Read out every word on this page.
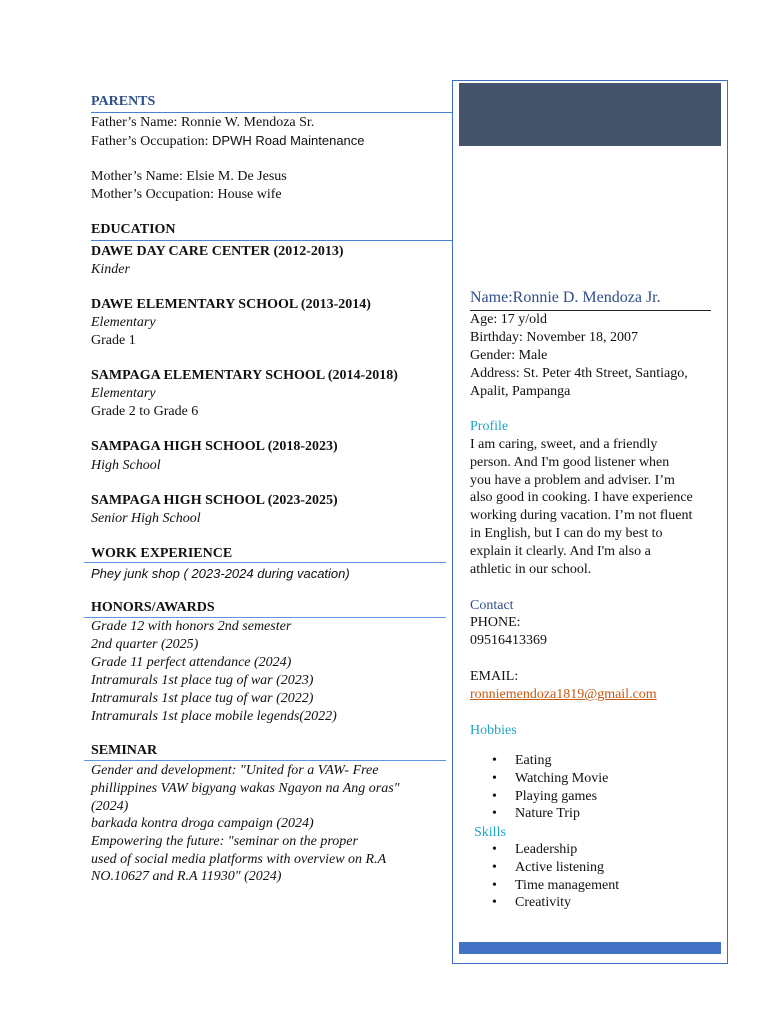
PARENTS
Father’s Name: Ronnie W. Mendoza Sr.
Father’s Occupation: DPWH Road Maintenance
Mother’s Name: Elsie M. De Jesus
Mother’s Occupation: House wife
EDUCATION
DAWE DAY CARE CENTER (2012-2013)
Kinder
DAWE ELEMENTARY SCHOOL (2013-2014)
Elementary
Grade 1
SAMPAGA ELEMENTARY SCHOOL (2014-2018)
Elementary
Grade 2 to Grade 6
SAMPAGA HIGH SCHOOL (2018-2023)
High School
SAMPAGA HIGH SCHOOL (2023-2025)
Senior High School
WORK EXPERIENCE
Phey junk shop ( 2023-2024 during vacation)
HONORS/AWARDS
Grade 12 with honors 2nd semester
2nd quarter (2025)
Grade 11 perfect attendance (2024)
Intramurals 1st place tug of war (2023)
Intramurals 1st place tug of war (2022)
Intramurals 1st place mobile legends(2022)
SEMINAR
Gender and development: "United for a VAW- Free
phillippines VAW bigyang wakas Ngayon na Ang oras"
(2024)
barkada kontra droga campaign (2024)
Empowering the future: "seminar on the proper
used of social media platforms with overview on R.A
NO.10627 and R.A 11930" (2024)
Name:Ronnie D. Mendoza Jr.
Age: 17 y/old
Birthday: November 18, 2007
Gender: Male
Address: St. Peter 4th Street, Santiago,
Apalit, Pampanga
Profile
I am caring, sweet, and a friendly
person. And I'm good listener when
you have a problem and adviser. I’m
also good in cooking. I have experience
working during vacation. I’m not fluent
in English, but I can do my best to
explain it clearly. And I'm also a
athletic in our school.
Contact
PHONE:
09516413369
EMAIL:
ronniemendoza1819@gmail.com
Hobbies
• Eating
• Watching Movie
• Playing games
• Nature Trip
Skills
• Leadership
• Active listening
• Time management
• Creativity
